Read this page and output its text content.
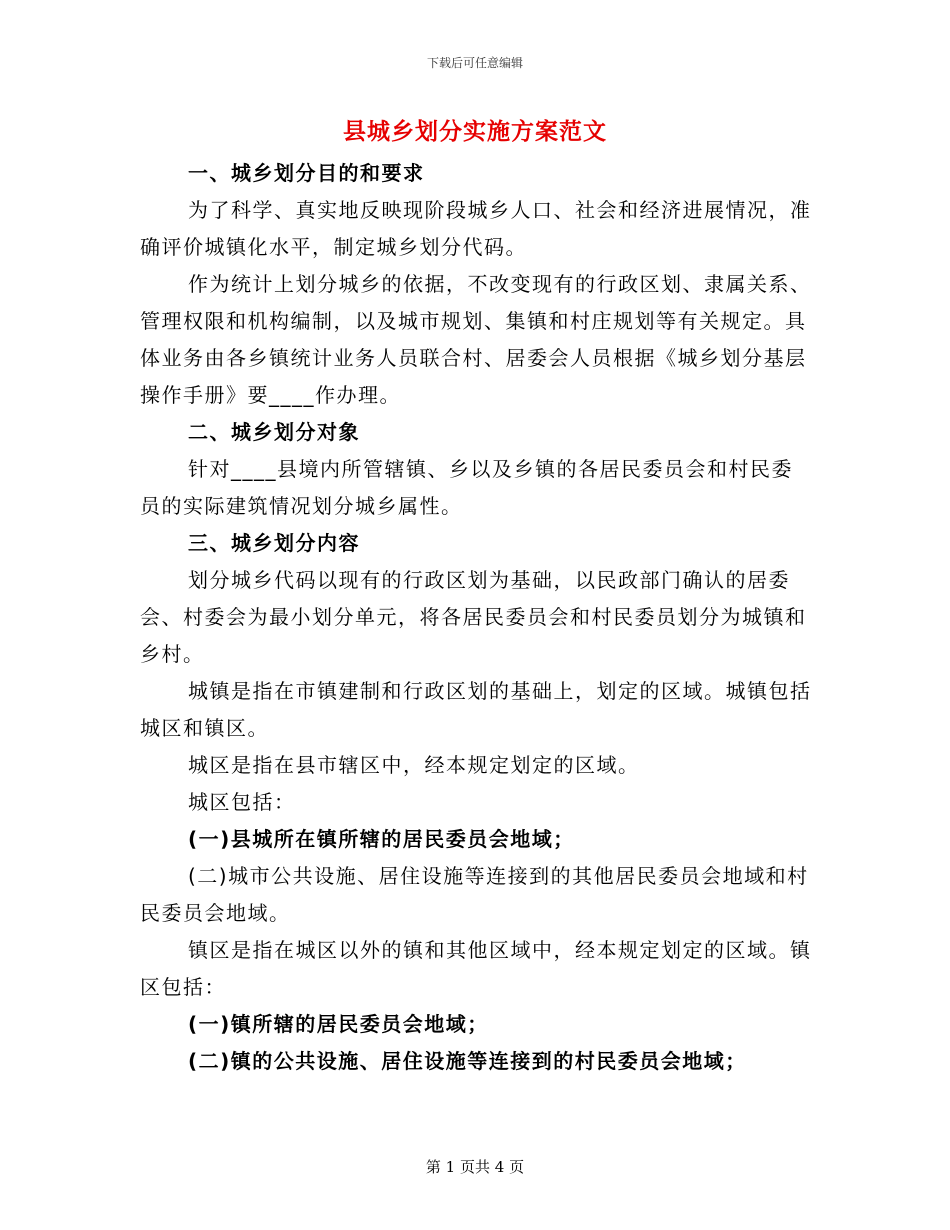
下载后可任意编辑
县城乡划分实施方案范文

一、城乡划分目的和要求

为了科学、真实地反映现阶段城乡人口、社会和经济进展情况，准确评价城镇化水平，制定城乡划分代码。

作为统计上划分城乡的依据，不改变现有的行政区划、隶属关系、管理权限和机构编制，以及城市规划、集镇和村庄规划等有关规定。具体业务由各乡镇统计业务人员联合村、居委会人员根据《城乡划分基层操作手册》要____作办理。

二、城乡划分对象

针对____县境内所管辖镇、乡以及乡镇的各居民委员会和村民委员的实际建筑情况划分城乡属性。

三、城乡划分内容

划分城乡代码以现有的行政区划为基础，以民政部门确认的居委会、村委会为最小划分单元，将各居民委员会和村民委员划分为城镇和乡村。

城镇是指在市镇建制和行政区划的基础上，划定的区域。城镇包括城区和镇区。

城区是指在县市辖区中，经本规定划定的区域。

城区包括：

(一)县城所在镇所辖的居民委员会地域；

(二)城市公共设施、居住设施等连接到的其他居民委员会地域和村民委员会地域。

镇区是指在城区以外的镇和其他区域中，经本规定划定的区域。镇区包括：

(一)镇所辖的居民委员会地域；

(二)镇的公共设施、居住设施等连接到的村民委员会地域；

第 1 页共 4 页
